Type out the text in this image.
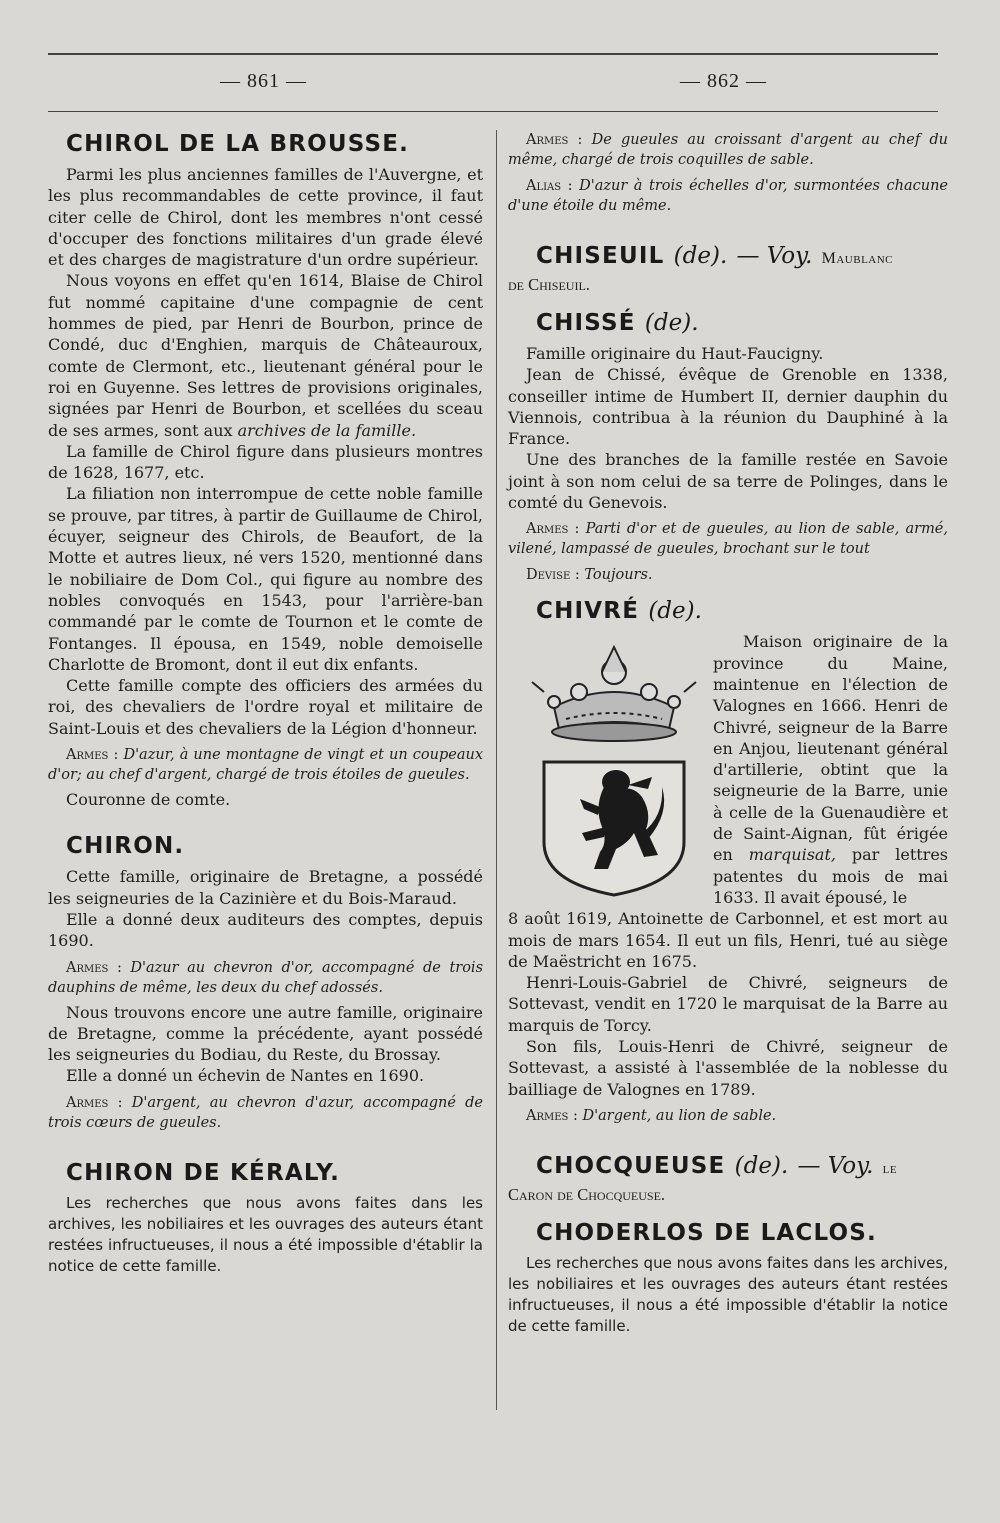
— 861 —	— 862 —
CHIROL DE LA BROUSSE.

Parmi les plus anciennes familles de l'Auvergne, et les plus recommandables de cette province, il faut citer celle de Chirol, dont les membres n'ont cessé d'occuper des fonctions militaires d'un grade élevé et des charges de magistrature d'un ordre supérieur.

Nous voyons en effet qu'en 1614, Blaise de Chirol fut nommé capitaine d'une compagnie de cent hommes de pied, par Henri de Bourbon, prince de Condé, duc d'Enghien, marquis de Châteauroux, comte de Clermont, etc., lieutenant général pour le roi en Guyenne. Ses lettres de provisions originales, signées par Henri de Bourbon, et scellées du sceau de ses armes, sont aux archives de la famille.

La famille de Chirol figure dans plusieurs montres de 1628, 1677, etc.

La filiation non interrompue de cette noble famille se prouve, par titres, à partir de Guillaume de Chirol, écuyer, seigneur des Chirols, de Beaufort, de la Motte et autres lieux, né vers 1520, mentionné dans le nobiliaire de Dom Col., qui figure au nombre des nobles convoqués en 1543, pour l'arrière-ban commandé par le comte de Tournon et le comte de Fontanges. Il épousa, en 1549, noble demoiselle Charlotte de Bromont, dont il eut dix enfants.

Cette famille compte des officiers des armées du roi, des chevaliers de l'ordre royal et militaire de Saint-Louis et des chevaliers de la Légion d'honneur.

Armes : D'azur, à une montagne de vingt et un coupeaux d'or; au chef d'argent, chargé de trois étoiles de gueules.

Couronne de comte.

CHIRON.

Cette famille, originaire de Bretagne, a possédé les seigneuries de la Cazinière et du Bois-Maraud.

Elle a donné deux auditeurs des comptes, depuis 1690.

Armes : D'azur au chevron d'or, accompagné de trois dauphins de même, les deux du chef adossés.

Nous trouvons encore une autre famille, originaire de Bretagne, comme la précédente, ayant possédé les seigneuries du Bodiau, du Reste, du Brossay.

Elle a donné un échevin de Nantes en 1690.

Armes : D'argent, au chevron d'azur, accompagné de trois cœurs de gueules.

CHIRON DE KÉRALY.

Les recherches que nous avons faites dans les archives, les nobiliaires et les ouvrages des auteurs étant restées infructueuses, il nous a été impossible d'établir la notice de cette famille.

Armes : De gueules au croissant d'argent au chef du même, chargé de trois coquilles de sable.

Alias : D'azur à trois échelles d'or, surmontées chacune d'une étoile du même.

CHISEUIL (de). — Voy. Maublanc
de Chiseuil.
CHISSÉ (de).

Famille originaire du Haut-Faucigny.

Jean de Chissé, évêque de Grenoble en 1338, conseiller intime de Humbert II, dernier dauphin du Viennois, contribua à la réunion du Dauphiné à la France.

Une des branches de la famille restée en Savoie joint à son nom celui de sa terre de Polinges, dans le comté du Genevois.

Armes : Parti d'or et de gueules, au lion de sable, armé, vilené, lampassé de gueules, brochant sur le tout

Devise : Toujours.

CHIVRÉ (de).

Maison originaire de la province du Maine, maintenue en l'élection de Valognes en 1666. Henri de Chivré, seigneur de la Barre en Anjou, lieutenant général d'artillerie, obtint que la seigneurie de la Barre, unie à celle de la Guenaudière et de Saint-Aignan, fût érigée en marquisat, par lettres patentes du mois de mai 1633. Il avait épousé, le

8 août 1619, Antoinette de Carbonnel, et est mort au mois de mars 1654. Il eut un fils, Henri, tué au siège de Maëstricht en 1675.

Henri-Louis-Gabriel de Chivré, seigneurs de Sottevast, vendit en 1720 le marquisat de la Barre au marquis de Torcy.

Son fils, Louis-Henri de Chivré, seigneur de Sottevast, a assisté à l'assemblée de la noblesse du bailliage de Valognes en 1789.

Armes : D'argent, au lion de sable.

CHOCQUEUSE (de). — Voy. le
Caron de Chocqueuse.
CHODERLOS DE LACLOS.

Les recherches que nous avons faites dans les archives, les nobiliaires et les ouvrages des auteurs étant restées infructueuses, il nous a été impossible d'établir la notice de cette famille.
